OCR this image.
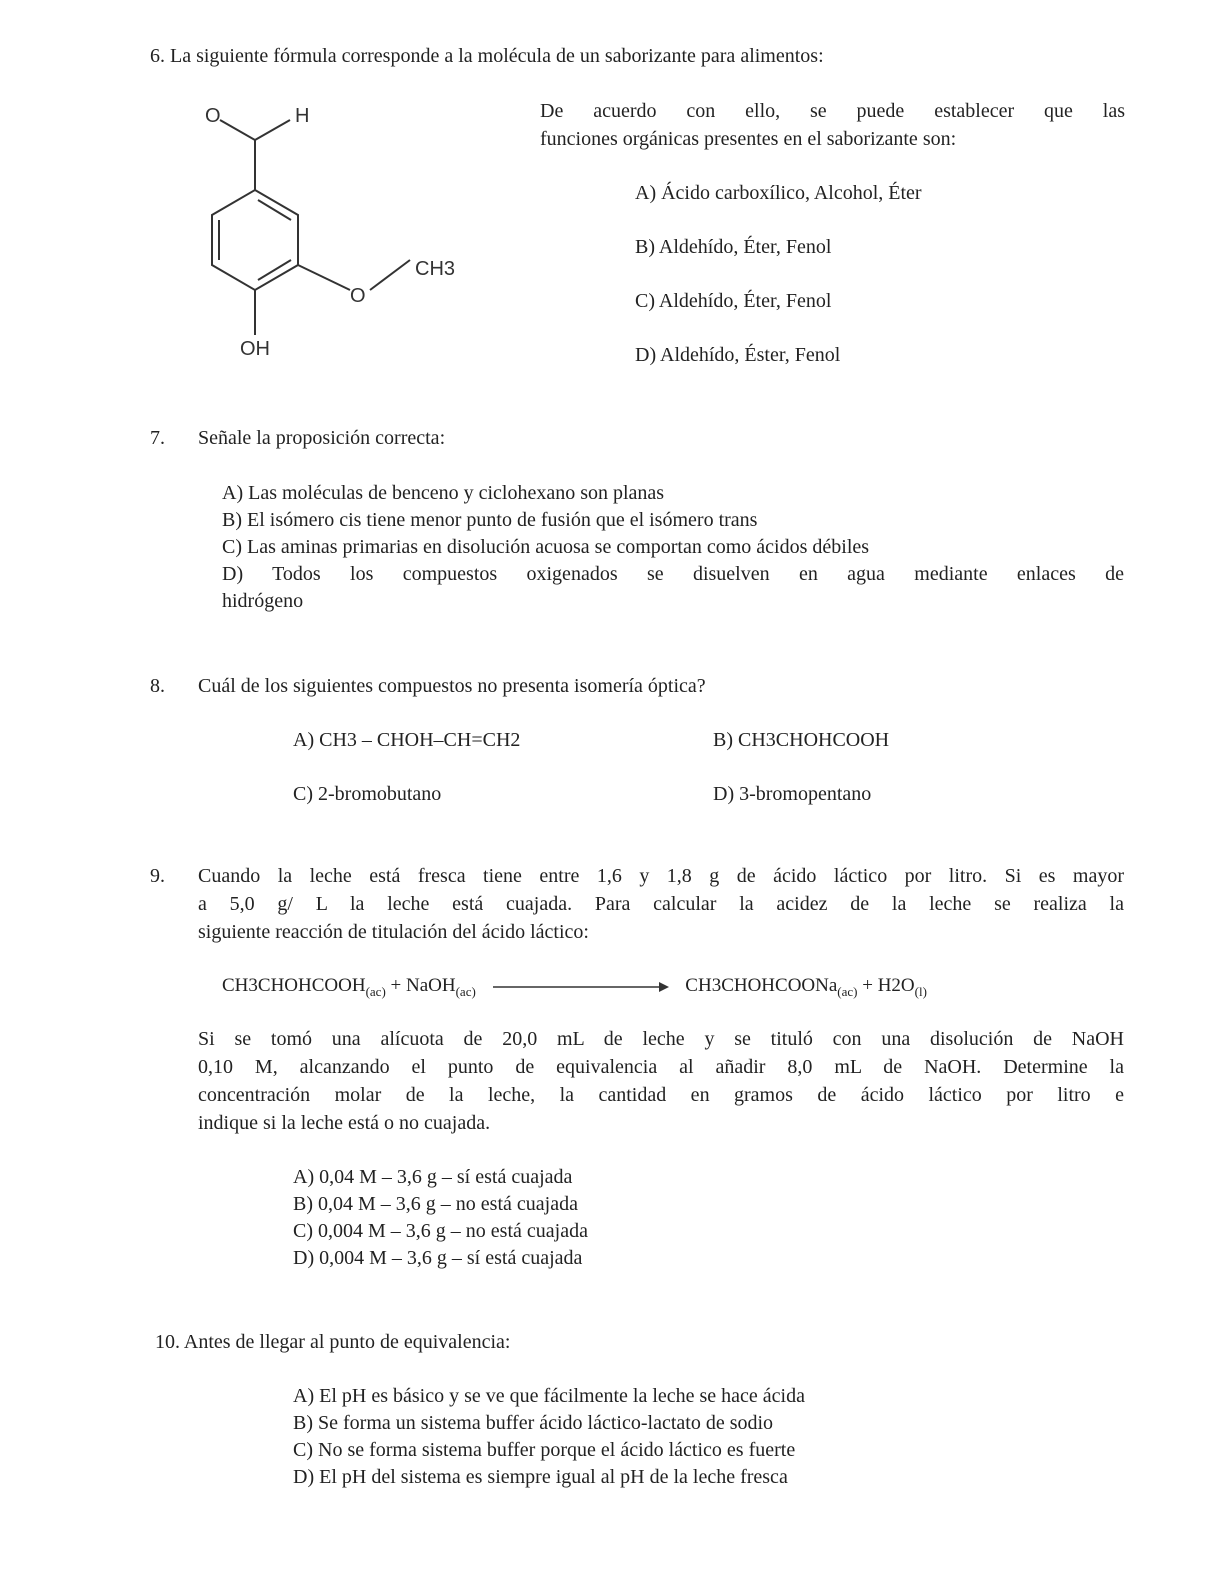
6. La siguiente fórmula corresponde a la molécula de un saborizante para alimentos:
O	H
O
CH3
OH
De acuerdo con ello, se puede establecer que las
funciones orgánicas presentes en el saborizante son:
A) Ácido carboxílico, Alcohol, Éter
B) Aldehído, Éter, Fenol
C) Aldehído, Éter, Fenol
D) Aldehído, Éster, Fenol
7. Señale la proposición correcta:
A) Las moléculas de benceno y ciclohexano son planas
B) El isómero cis tiene menor punto de fusión que el isómero trans
C) Las aminas primarias en disolución acuosa se comportan como ácidos débiles
D) Todos los compuestos oxigenados se disuelven en agua mediante enlaces de
hidrógeno
8. Cuál de los siguientes compuestos no presenta isomería óptica?
A) CH3 – CHOH–CH=CH2	B) CH3CHOHCOOH
C) 2-bromobutano	D) 3-bromopentano
9. Cuando la leche está fresca tiene entre 1,6 y 1,8 g de ácido láctico por litro. Si es mayor
a 5,0 g/ L la leche está cuajada. Para calcular la acidez de la leche se realiza la
siguiente reacción de titulación del ácido láctico:
$CH3CHOHCOOH_{(ac)}$ + NaOH$_{(ac)}$	CH3CHOHCOONa$_{(ac)}$ + $H2O_{(l)}$
Si se tomó una alícuota de 20,0 mL de leche y se tituló con una disolución de NaOH
0,10 M, alcanzando el punto de equivalencia al añadir 8,0 mL de NaOH. Determine la
concentración molar de la leche, la cantidad en gramos de ácido láctico por litro e
indique si la leche está o no cuajada.
A) 0,04 M – 3,6 g – sí está cuajada
B) 0,04 M – 3,6 g – no está cuajada
C) 0,004 M – 3,6 g – no está cuajada
D) 0,004 M – 3,6 g – sí está cuajada
10. Antes de llegar al punto de equivalencia:
A) El pH es básico y se ve que fácilmente la leche se hace ácida
B) Se forma un sistema buffer ácido láctico-lactato de sodio
C) No se forma sistema buffer porque el ácido láctico es fuerte
D) El pH del sistema es siempre igual al pH de la leche fresca
